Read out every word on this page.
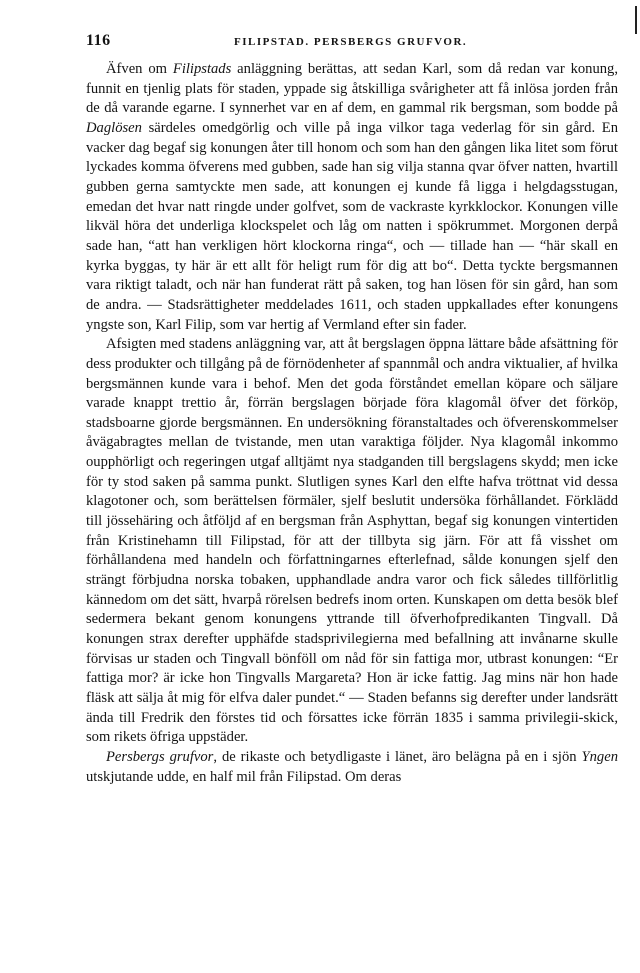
116	FILIPSTAD. PERSBERGS GRUFVOR.

Äfven om Filipstads anläggning berättas, att sedan Karl, som då redan var konung, funnit en tjenlig plats för staden, yppade sig åtskilliga svårigheter att få inlösa jorden från de då varande egarne. I synnerhet var en af dem, en gammal rik bergsman, som bodde på Daglösen särdeles omedgörlig och ville på inga vilkor taga vederlag för sin gård. En vacker dag begaf sig konungen åter till honom och som han den gången lika litet som förut lyckades komma öfverens med gubben, sade han sig vilja stanna qvar öfver natten, hvartill gubben gerna samtyckte men sade, att konungen ej kunde få ligga i helgdagsstugan, emedan det hvar natt ringde under golfvet, som de vackraste kyrkklockor. Konungen ville likväl höra det underliga klockspelet och låg om natten i spökrummet. Morgonen derpå sade han, “att han verkligen hört klockorna ringa“, och — tillade han — “här skall en kyrka byggas, ty här är ett allt för heligt rum för dig att bo“. Detta tyckte bergsmannen vara riktigt taladt, och när han funderat rätt på saken, tog han lösen för sin gård, han som de andra. — Stadsrättigheter meddelades 1611, och staden uppkallades efter konungens yngste son, Karl Filip, som var hertig af Vermland efter sin fader.

Afsigten med stadens anläggning var, att åt bergslagen öppna lättare både afsättning för dess produkter och tillgång på de förnödenheter af spannmål och andra viktualier, af hvilka bergsmännen kunde vara i behof. Men det goda förståndet emellan köpare och säljare varade knappt trettio år, förrän bergslagen började föra klagomål öfver det förköp, stadsboarne gjorde bergsmännen. En undersökning föranstaltades och öfverenskommelser åvägabragtes mellan de tvistande, men utan varaktiga följder. Nya klagomål inkommo oupphörligt och regeringen utgaf alltjämt nya stadganden till bergslagens skydd; men icke för ty stod saken på samma punkt. Slutligen synes Karl den elfte hafva tröttnat vid dessa klagotoner och, som berättelsen förmäler, sjelf beslutit undersöka förhållandet. Förklädd till jössehäring och åtföljd af en bergsman från Asphyttan, begaf sig konungen vintertiden från Kristinehamn till Filipstad, för att der tillbyta sig järn. För att få visshet om förhållandena med handeln och författningarnes efterlefnad, sålde konungen sjelf den strängt förbjudna norska tobaken, upphandlade andra varor och fick således tillförlitlig kännedom om det sätt, hvarpå rörelsen bedrefs inom orten. Kunskapen om detta besök blef sedermera bekant genom konungens yttrande till öfverhofpredikanten Tingvall. Då konungen strax derefter upphäfde stadsprivilegierna med befallning att invånarne skulle förvisas ur staden och Tingvall bönföll om nåd för sin fattiga mor, utbrast konungen: “Er fattiga mor? är icke hon Tingvalls Margareta? Hon är icke fattig. Jag mins när hon hade fläsk att sälja åt mig för elfva daler pundet.“ — Staden befanns sig derefter under landsrätt ända till Fredrik den förstes tid och försattes icke förrän 1835 i samma privilegii-skick, som rikets öfriga uppstäder.

Persbergs grufvor, de rikaste och betydligaste i länet, äro belägna på en i sjön Yngen utskjutande udde, en half mil från Filipstad. Om deras
